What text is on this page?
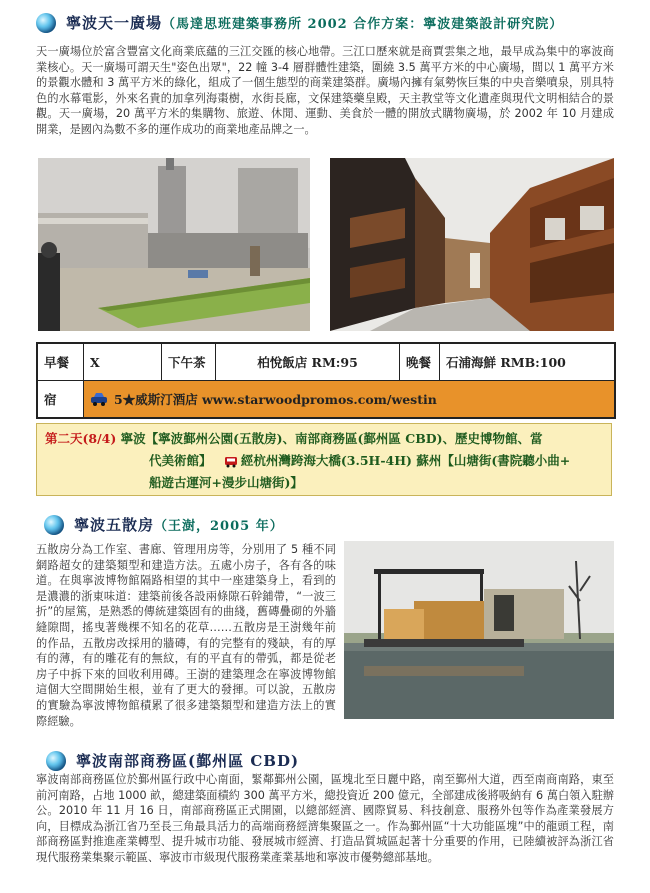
寧波天一廣場（馬達思班建築事務所 2002 合作方案：寧波建築設計研究院）
天一廣場位於富含豐富文化商業底蘊的三江交匯的核心地帶。三江口歷來就是商賈雲集之地，最早成為集中的寧波商業核心。天一廣場可謂天生"姿色出眾"，22 幢 3-4 層群體性建築，圍繞 3.5 萬平方米的中心廣場，間以 1 萬平方米的景觀水體和 3 萬平方米的綠化，組成了一個生態型的商業建築群。廣場內擁有氣勢恢巨集的中央音樂噴泉，別具特色的水幕電影，外來名貴的加拿列海棗樹，水街長廊，文保建築藥皇殿，天主教堂等文化遺產與現代文明相結合的景觀。天一廣場，20 萬平方米的集購物、旅遊、休閒、運動、美食於一體的開放式購物廣場，於 2002 年 10 月建成開業，是國內為數不多的運作成功的商業地產品牌之一。
早餐	X	下午茶	柏悅飯店 RM:95	晚餐	石浦海鮮 RMB:100
宿	5★威斯汀酒店 www.starwoodpromos.com/westin
第二天(8/4) 寧波【寧波鄞州公園(五散房)、南部商務區(鄞州區 CBD)、歷史博物館、當
代美術館】 經杭州灣跨海大橋(3.5H-4H) 蘇州【山塘街(書院聽小曲+
船遊古運河+漫步山塘街)】
寧波五散房（王澍，2005 年）
五散房分為工作室、書廊、管理用房等，分別用了 5 種不同網路超女的建築類型和建造方法。五處小房子，各有各的味道。在與寧波博物館隔路相望的其中一座建築身上，看到的是濃濃的浙東味道：建築前後各設兩條隙石幹鋪帶，“一波三折”的屋篤，是熟悉的傳統建築固有的曲綫，舊磚疊砌的外牆縫隙間，搖曳著幾棵不知名的花草……五散房是王澍幾年前的作品，五散房改採用的牆磚，有的完整有的殘缺，有的厚有的薄，有的雕花有的無紋，有的平直有的帶弧，都是從老房子中拆下來的回收利用磚。王澍的建築理念在寧波博物館這個大空間開始生根，並有了更大的發揮。可以說，五散房的實驗為寧波博物館積累了很多建築類型和建造方法上的實際經驗。
寧波南部商務區(鄞州區 CBD)
寧波南部商務區位於鄞州區行政中心南面，緊鄰鄞州公園，區塊北至日麗中路，南至鄞州大道，西至南商南路，東至前河南路，占地 1000 畝，總建築面積約 300 萬平方米，總投資近 200 億元，全部建成後將吸納有 6 萬白領入駐辦公。2010 年 11 月 16 日，南部商務區正式開園，以總部經濟、國際貿易、科技創意、服務外包等作為產業發展方向，目標成為浙江省乃至長三角最具活力的高端商務經濟集聚區之一。作為鄞州區“十大功能區塊”中的龍頭工程，南部商務區對推進產業轉型、提升城市功能、發展城市經濟、打造品質城區起著十分重要的作用，已陸續被評為浙江省現代服務業集聚示範區、寧波市市級現代服務業產業基地和寧波市優勢總部基地。
